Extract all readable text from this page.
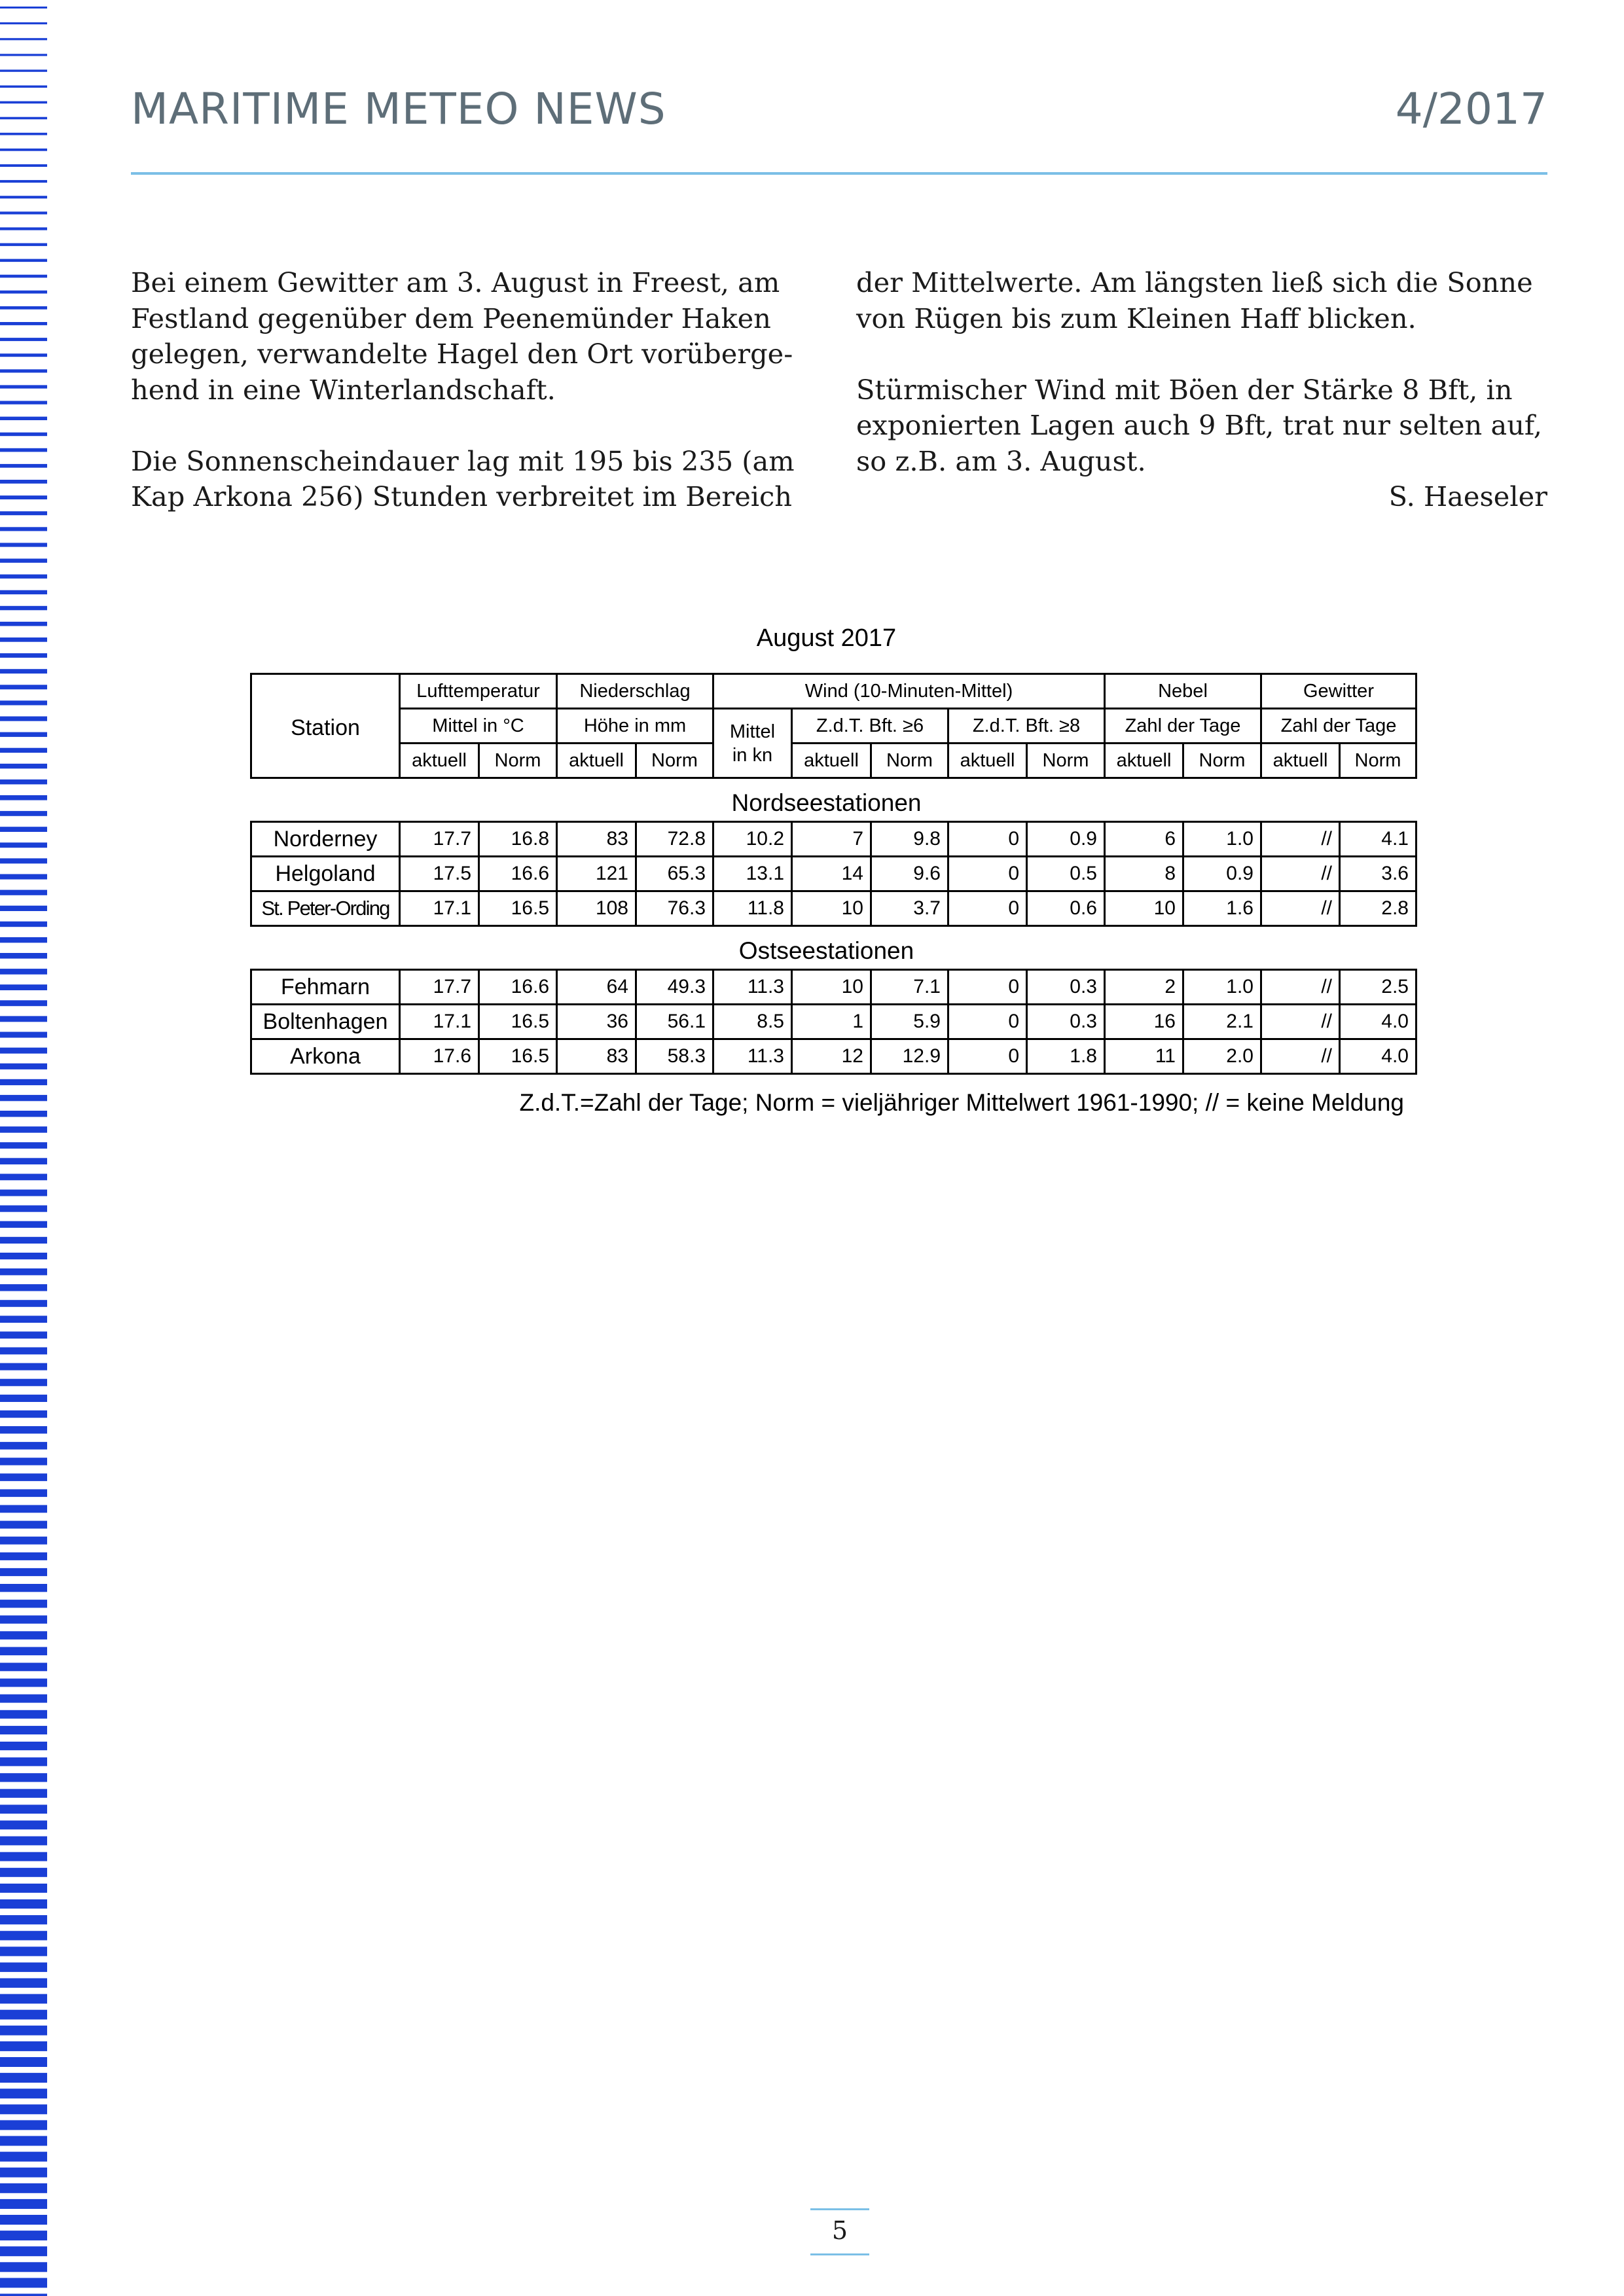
MARITIME METEO NEWS	4/2017

Bei einem Gewitter am 3. August in Freest, am
Festland gegenüber dem Peenemünder Haken
gelegen, verwandelte Hagel den Ort vorüberge-
hend in eine Winterlandschaft.

Die Sonnenscheindauer lag mit 195 bis 235 (am
Kap Arkona 256) Stunden verbreitet im Bereich

der Mittelwerte. Am längsten ließ sich die Sonne
von Rügen bis zum Kleinen Haff blicken.

Stürmischer Wind mit Böen der Stärke 8 Bft, in
exponierten Lagen auch 9 Bft, trat nur selten auf,
so z.B. am 3. August.

S. Haeseler
August 2017
Station	Lufttemperatur		Niederschlag		Wind (10-Minuten-Mittel)					Nebel		Gewitter	
	Mittel in °C		Höhe in mm		Mittel
in kn	Z.d.T. Bft. ≥6		Z.d.T. Bft. ≥8		Zahl der Tage		Zahl der Tage	
	aktuell	Norm	aktuell	Norm		aktuell	Norm	aktuell	Norm	aktuell	Norm	aktuell	Norm
Nordseestationen
Norderney	17.7	16.8	83	72.8	10.2	7	9.8	0	0.9	6	1.0	//	4.1
Helgoland	17.5	16.6	121	65.3	13.1	14	9.6	0	0.5	8	0.9	//	3.6
St. Peter-Ording	17.1	16.5	108	76.3	11.8	10	3.7	0	0.6	10	1.6	//	2.8
Ostseestationen
Fehmarn	17.7	16.6	64	49.3	11.3	10	7.1	0	0.3	2	1.0	//	2.5
Boltenhagen	17.1	16.5	36	56.1	8.5	1	5.9	0	0.3	16	2.1	//	4.0
Arkona	17.6	16.5	83	58.3	11.3	12	12.9	0	1.8	11	2.0	//	4.0
Z.d.T.=Zahl der Tage; Norm = vieljähriger Mittelwert 1961-1990; // = keine Meldung
5
